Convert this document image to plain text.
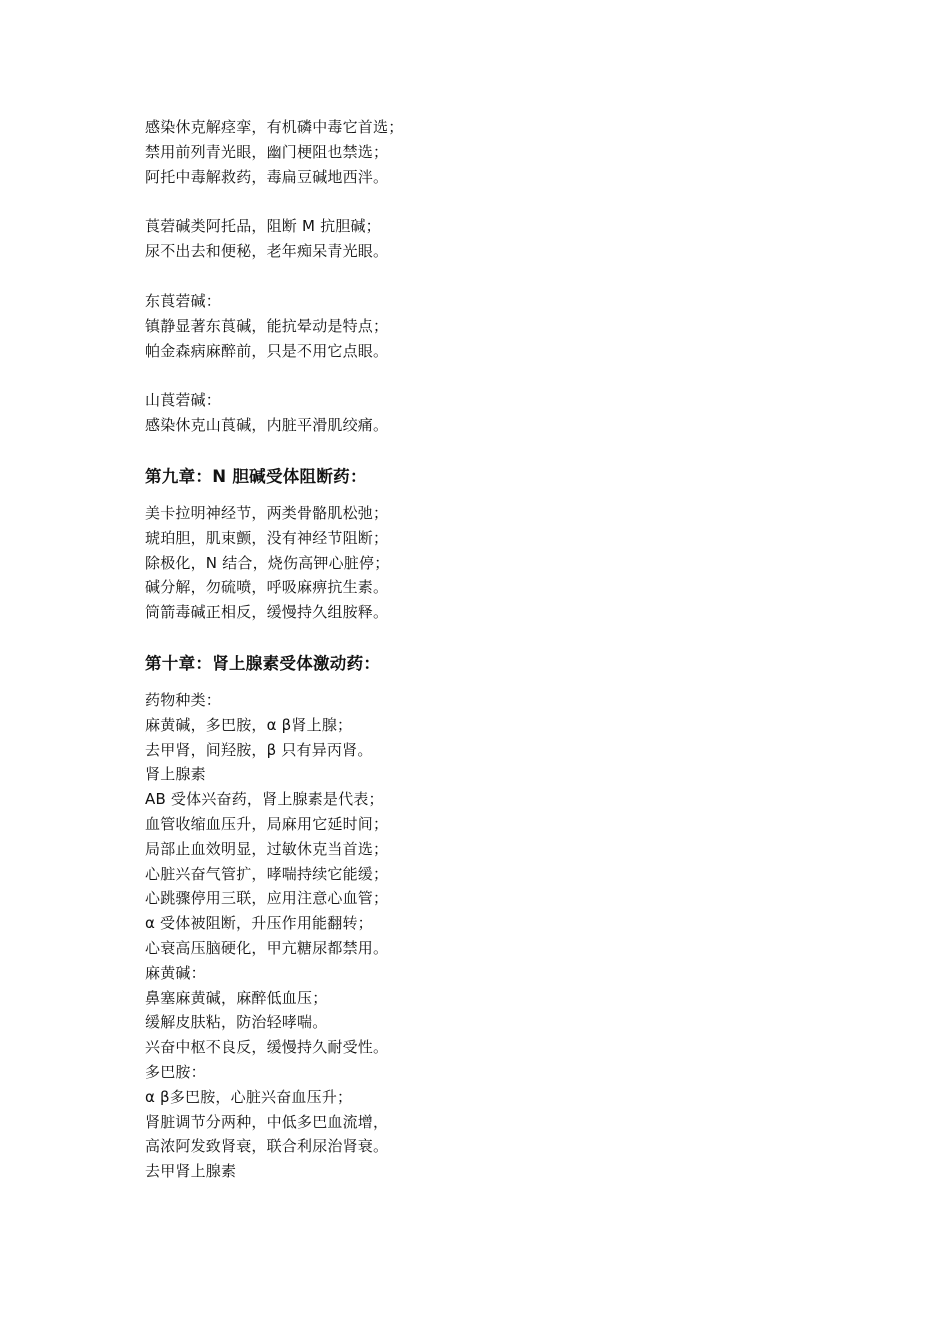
感染休克解痉挛，有机磷中毒它首选；
禁用前列青光眼，幽门梗阻也禁选；
阿托中毒解救药，毒扁豆碱地西泮。
莨菪碱类阿托品，阻断 M 抗胆碱；
尿不出去和便秘，老年痴呆青光眼。
东莨菪碱：
镇静显著东莨碱，能抗晕动是特点；
帕金森病麻醉前，只是不用它点眼。
山莨菪碱：
感染休克山莨碱，内脏平滑肌绞痛。
第九章：N 胆碱受体阻断药：
美卡拉明神经节，两类骨骼肌松弛；
琥珀胆，肌束颤，没有神经节阻断；
除极化，N 结合，烧伤高钾心脏停；
碱分解，勿硫喷，呼吸麻痹抗生素。
筒箭毒碱正相反，缓慢持久组胺释。
第十章：肾上腺素受体激动药：
药物种类：
麻黄碱，多巴胺，α β肾上腺；
去甲肾，间羟胺，β 只有异丙肾。
肾上腺素
AB 受体兴奋药，肾上腺素是代表；
血管收缩血压升，局麻用它延时间；
局部止血效明显，过敏休克当首选；
心脏兴奋气管扩，哮喘持续它能缓；
心跳骤停用三联，应用注意心血管；
α 受体被阻断，升压作用能翻转；
心衰高压脑硬化，甲亢糖尿都禁用。
麻黄碱：
鼻塞麻黄碱，麻醉低血压；
缓解皮肤粘，防治轻哮喘。
兴奋中枢不良反，缓慢持久耐受性。
多巴胺：
α β多巴胺，心脏兴奋血压升；
肾脏调节分两种，中低多巴血流增，
高浓阿发致肾衰，联合利尿治肾衰。
去甲肾上腺素
